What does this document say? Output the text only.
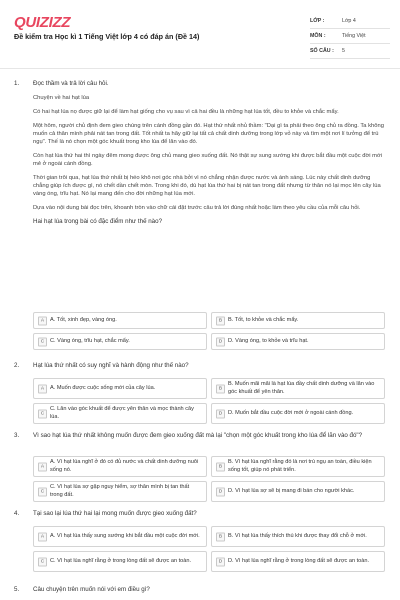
QUIZIZZ
Đề kiểm tra Học kì 1 Tiếng Việt lớp 4 có đáp án (Đề 14)
LỚP :	Lớp 4
MÔN :	Tiếng Việt
SỐ CÂU :	5
1. Đọc thầm và trả lời câu hỏi.
Chuyện về hai hạt lúa
Có hai hạt lúa nọ được giữ lại để làm hạt giống cho vụ sau vì cả hai đều là những hạt lúa tốt, đều to khỏe và chắc mẩy.
Một hôm, người chủ định đem gieo chúng trên cánh đồng gần đó. Hạt thứ nhất nhủ thầm: "Dại gì ta phải theo ông chủ ra đồng. Ta không muốn cả thân mình phải nát tan trong đất. Tốt nhất ta hãy giữ lại tất cả chất dinh dưỡng trong lớp vỏ này và tìm một nơi lí tưởng để trú ngụ". Thế là nó chọn một góc khuất trong kho lúa để lăn vào đó.
Còn hạt lúa thứ hai thì ngày đêm mong được ông chủ mang gieo xuống đất. Nó thật sự sung sướng khi được bắt đầu một cuộc đời mới mẻ ở ngoài cánh đồng.
Thời gian trôi qua, hạt lúa thứ nhất bị héo khô nơi góc nhà bởi vì nó chẳng nhận được nước và ánh sáng. Lúc này chất dinh dưỡng chẳng giúp ích được gì, nó chết dần chết mòn. Trong khi đó, dù hạt lúa thứ hai bị nát tan trong đất nhưng từ thân nó lại mọc lên cây lúa vàng óng, trĩu hạt. Nó lại mang đến cho đời những hạt lúa mới.
Dựa vào nội dung bài đọc trên, khoanh tròn vào chữ cái đặt trước câu trả lời đúng nhất hoặc làm theo yêu cầu của mỗi câu hỏi.
Hai hạt lúa trong bài có đặc điểm như thế nào?
A	A. Tốt, xinh đẹp, vàng óng.	B	B. Tốt, to khỏe và chắc mẩy.
C	C. Vàng óng, trĩu hạt, chắc mẩy.	D	D. Vàng óng, to khỏe và trĩu hạt.
2. Hạt lúa thứ nhất có suy nghĩ và hành động như thế nào?
A	A. Muốn được cuộc sống mới của cây lúa.	B
B. Muốn mãi mãi là hạt lúa đầy chất dinh dưỡng và lăn vào góc khuất để yên thân.
C
C. Lăn vào góc khuất để được yên thân và mọc thành cây lúa.	D	D. Muốn bắt đầu cuộc đời mới ở ngoài cánh đồng.
3. Vì sao hạt lúa thứ nhất không muốn được đem gieo xuống đất mà lại "chọn một góc khuất trong kho lúa để lăn vào đó"?
A
A. Vì hạt lúa nghĩ ở đó có đủ nước và chất dinh dưỡng nuôi sống nó.	B
B. Vì hạt lúa nghĩ rằng đó là nơi trú ngụ an toàn, điều kiện sống tốt, giúp nó phát triển.
C
C. Vì hạt lúa sợ gặp nguy hiểm, sợ thân mình bị tan thất trong đất.	D	D. Vì hạt lúa sợ sẽ bị mang đi bán cho người khác.
4. Tại sao lại lúa thứ hai lại mong muốn được gieo xuống đất?
A	A. Vì hạt lúa thấy sung sướng khi bắt đầu một cuộc đời mới.	B	B. Vì hạt lúa thấy thích thú khi được thay đổi chỗ ở mới.
C	C. Vì hạt lúa nghĩ rằng ở trong lòng đất sẽ được an toàn.	D	D. Vì hạt lúa nghĩ rằng ở trong lòng đất sẽ được an toàn.
5. Câu chuyện trên muốn nói với em điều gì?
